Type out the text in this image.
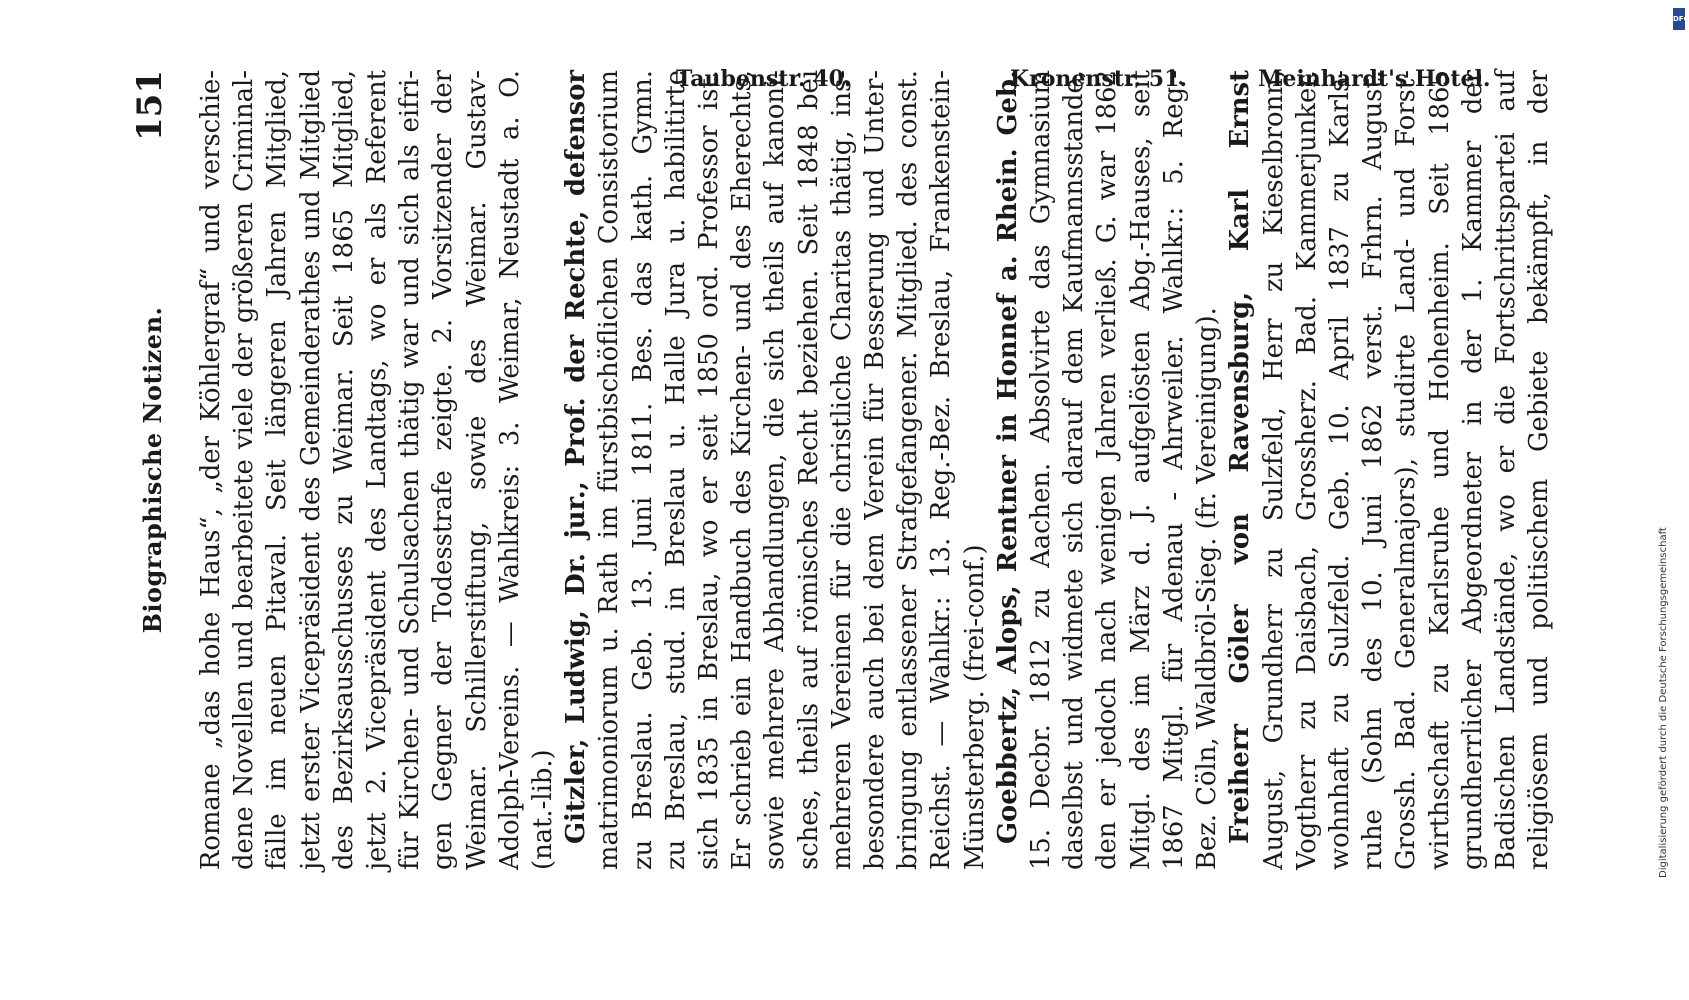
Biographische Notizen.
151 Romane „das hohe Haus“, „der Köhlergraf“ und verschie- dene Novellen und bearbeitete viele der größeren Criminal- fälle im neuen Pitaval. Seit längeren Jahren Mitglied, jetzt erster Vicepräsident des Gemeinderathes und Mitglied des Bezirksausschusses zu Weimar. Seit 1865 Mitglied, jetzt 2. Vicepräsident des Landtags, wo er als Referent für Kirchen- und Schulsachen thätig war und sich als eifri- gen Gegner der Todesstrafe zeigte. 2. Vorsitzender der Weimar. Schillerstiftung, sowie des Weimar. Gustav- Adolph-Vereins. — Wahlkreis: 3. Weimar, Neustadt a. O. (nat.-lib.) Gitzler, Ludwig, Dr. jur., Prof. der Rechte, defensor matrimoniorum u. Rath im fürstbischöflichen Consistorium zu Breslau. Geb. 13. Juni 1811. Bes. das kath. Gymn. zu Breslau, stud. in Breslau u. Halle Jura u. habilitirte sich 1835 in Breslau, wo er seit 1850 ord. Professor ist. Er schrieb ein Handbuch des Kirchen- und des Eherechts, sowie mehrere Abhandlungen, die sich theils auf kanoni- sches, theils auf römisches Recht beziehen. Seit 1848 bei mehreren Vereinen für die christliche Charitas thätig, ins- besondere auch bei dem Verein für Besserung und Unter- bringung entlassener Strafgefangener. Mitglied. des const. Reichst. — Wahlkr.: 13. Reg.-Bez. Breslau, Frankenstein- Münsterberg. (frei-conf.) Goebbertz, Alops, Rentner in Honnef a. Rhein. Geb. 15. Decbr. 1812 zu Aachen. Absolvirte das Gymnasium daselbst und widmete sich darauf dem Kaufmannsstande, den er jedoch nach wenigen Jahren verließ. G. war 1862 Mitgl. des im März d. J. aufgelösten Abg.-Hauses, seit 1867 Mitgl. für Adenau - Ahrweiler. Wahlkr.: 5. Reg.- Bez. Cöln, Waldbröl-Sieg. (fr. Vereinigung). Freiherr Göler von Ravensburg, Karl Ernst August, Grundherr zu Sulzfeld, Herr zu Kieselbronn, Vogtherr zu Daisbach, Grossherz. Bad. Kammerjunker, wohnhaft zu Sulzfeld. Geb. 10. April 1837 zu Karls- ruhe (Sohn des 10. Juni 1862 verst. Frhrn. August, Grossh. Bad. Generalmajors), studirte Land- und Forst- wirthschaft zu Karlsruhe und Hohenheim. Seit 1865 grundherrlicher Abgeordneter in der 1. Kammer der Badischen Landstände, wo er die Fortschrittspartei auf religiösem und politischem Gebiete bekämpft, in der
Taubenstr. 40.	Kronenstr. 51.	Meinhardt's Hotel.
DFG
Digitalisierung gefördert durch die Deutsche Forschungsgemeinschaft
